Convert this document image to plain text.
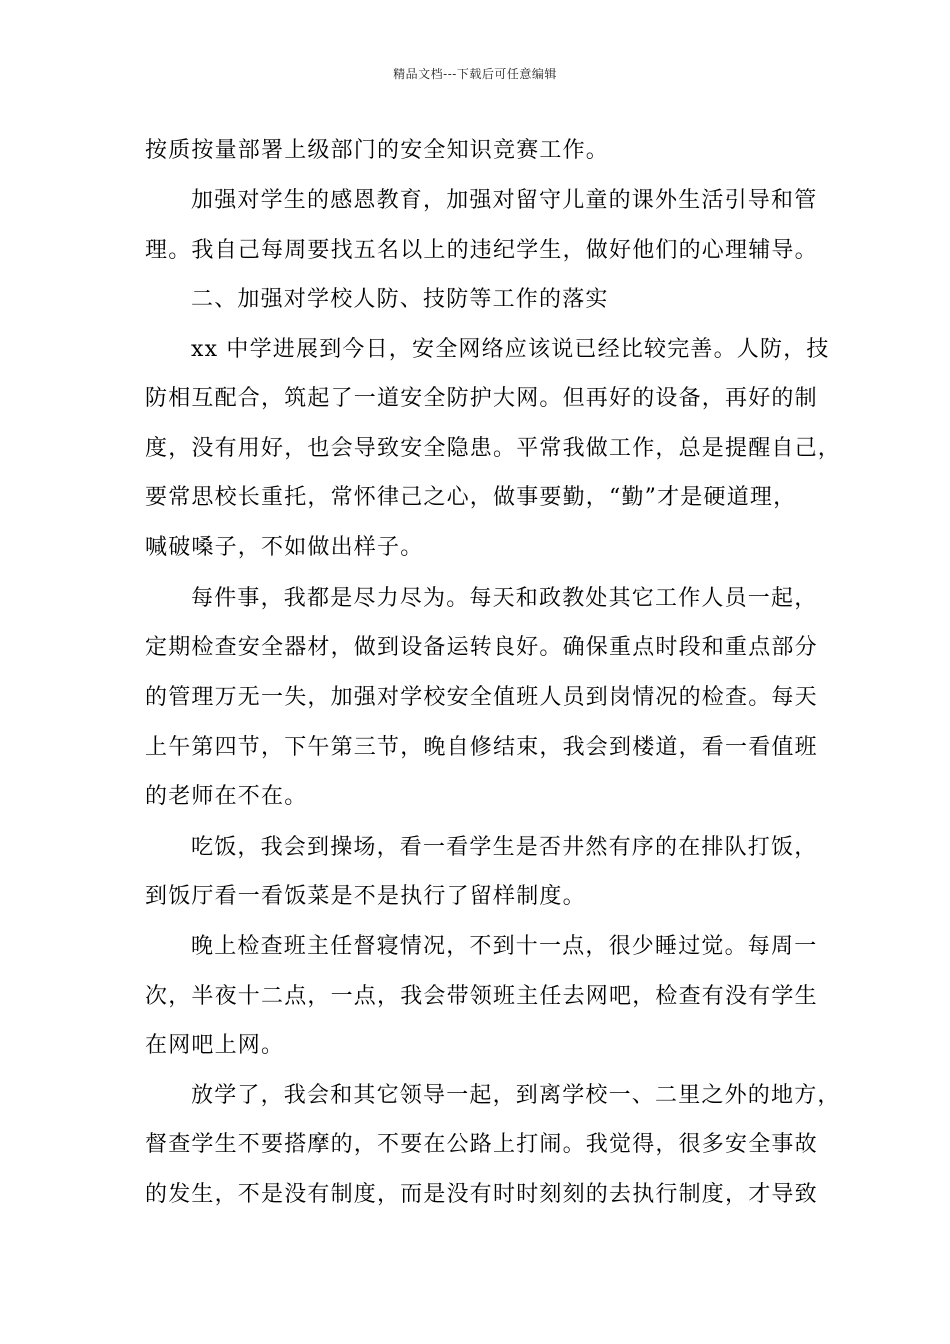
精品文档---下载后可任意编辑
按质按量部署上级部门的安全知识竞赛工作。
加强对学生的感恩教育，加强对留守儿童的课外生活引导和管
理。我自己每周要找五名以上的违纪学生，做好他们的心理辅导。
二、加强对学校人防、技防等工作的落实
xx 中学进展到今日，安全网络应该说已经比较完善。人防，技
防相互配合，筑起了一道安全防护大网。但再好的设备，再好的制
度，没有用好，也会导致安全隐患。平常我做工作，总是提醒自己，
要常思校长重托，常怀律己之心，做事要勤，“勤”才是硬道理，
喊破嗓子，不如做出样子。
每件事，我都是尽力尽为。每天和政教处其它工作人员一起，
定期检查安全器材，做到设备运转良好。确保重点时段和重点部分
的管理万无一失，加强对学校安全值班人员到岗情况的检查。每天
上午第四节，下午第三节，晚自修结束，我会到楼道，看一看值班
的老师在不在。
吃饭，我会到操场，看一看学生是否井然有序的在排队打饭，
到饭厅看一看饭菜是不是执行了留样制度。
晚上检查班主任督寝情况，不到十一点，很少睡过觉。每周一
次，半夜十二点，一点，我会带领班主任去网吧，检查有没有学生
在网吧上网。
放学了，我会和其它领导一起，到离学校一、二里之外的地方，
督查学生不要搭摩的，不要在公路上打闹。我觉得，很多安全事故
的发生，不是没有制度，而是没有时时刻刻的去执行制度，才导致
